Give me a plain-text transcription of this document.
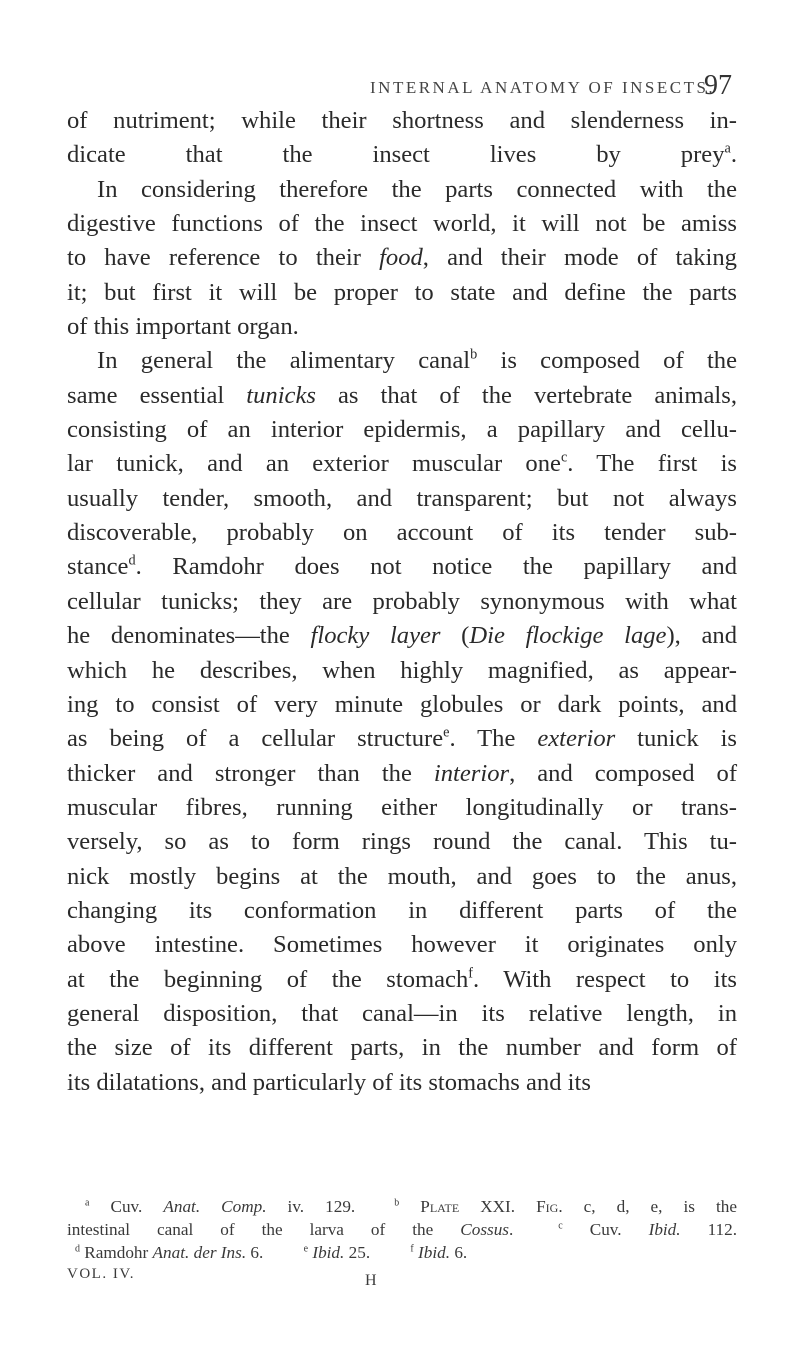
INTERNAL ANATOMY OF INSECTS.
97
of nutriment; while their shortness and slenderness in-
dicate that the insect lives by prey$^a$.
In considering therefore the parts connected with the
digestive functions of the insect world, it will not be amiss
to have reference to their food, and their mode of taking
it; but first it will be proper to state and define the parts
of this important organ.
In general the alimentary canal$^b$ is composed of the
same essential tunicks as that of the vertebrate animals,
consisting of an interior epidermis, a papillary and cellu-
lar tunick, and an exterior muscular one$^c$. The first is
usually tender, smooth, and transparent; but not always
discoverable, probably on account of its tender sub-
stance$^d$. Ramdohr does not notice the papillary and
cellular tunicks; they are probably synonymous with what
he denominates—the flocky layer (Die flockige lage), and
which he describes, when highly magnified, as appear-
ing to consist of very minute globules or dark points, and
as being of a cellular structure$^e$. The exterior tunick is
thicker and stronger than the interior, and composed of
muscular fibres, running either longitudinally or trans-
versely, so as to form rings round the canal. This tu-
nick mostly begins at the mouth, and goes to the anus,
changing its conformation in different parts of the
above intestine. Sometimes however it originates only
at the beginning of the stomach$^f$. With respect to its
general disposition, that canal—in its relative length, in
the size of its different parts, in the number and form of
its dilatations, and particularly of its stomachs and its
$^a$ Cuv. Anat. Comp. iv. 129.	$^b$ Plate XXI. Fig. c, d, e, is the
intestinal canal of the larva of the Cossus.	$^c$ Cuv. Ibid. 112.
$^d$ Ramdohr Anat. der Ins. 6.	$^e$ Ibid. 25.	$^f$ Ibid. 6.
VOL. IV.	H
